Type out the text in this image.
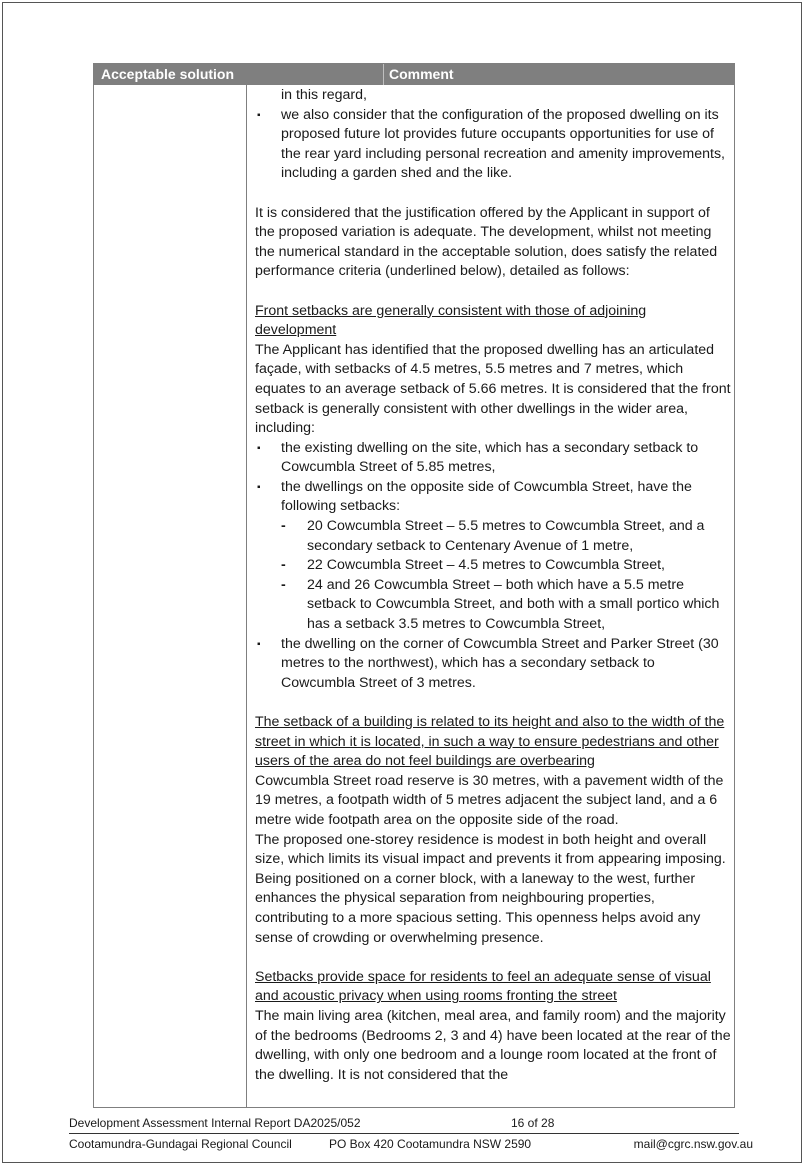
Acceptable solution	Comment

in this regard,

▪ we also consider that the configuration of the proposed dwelling on its proposed future lot provides future occupants opportunities for use of the rear yard including personal recreation and amenity improvements, including a garden shed and the like.

It is considered that the justification offered by the Applicant in support of the proposed variation is adequate. The development, whilst not meeting the numerical standard in the acceptable solution, does satisfy the related performance criteria (underlined below), detailed as follows:

Front setbacks are generally consistent with those of adjoining development

The Applicant has identified that the proposed dwelling has an articulated façade, with setbacks of 4.5 metres, 5.5 metres and 7 metres, which equates to an average setback of 5.66 metres. It is considered that the front setback is generally consistent with other dwellings in the wider area, including:

▪ the existing dwelling on the site, which has a secondary setback to Cowcumbla Street of 5.85 metres,

▪ the dwellings on the opposite side of Cowcumbla Street, have the following setbacks:

- 20 Cowcumbla Street – 5.5 metres to Cowcumbla Street, and a secondary setback to Centenary Avenue of 1 metre,

- 22 Cowcumbla Street – 4.5 metres to Cowcumbla Street,

- 24 and 26 Cowcumbla Street – both which have a 5.5 metre setback to Cowcumbla Street, and both with a small portico which has a setback 3.5 metres to Cowcumbla Street,

▪ the dwelling on the corner of Cowcumbla Street and Parker Street (30 metres to the northwest), which has a secondary setback to Cowcumbla Street of 3 metres.

The setback of a building is related to its height and also to the width of the street in which it is located, in such a way to ensure pedestrians and other users of the area do not feel buildings are overbearing

Cowcumbla Street road reserve is 30 metres, with a pavement width of the 19 metres, a footpath width of 5 metres adjacent the subject land, and a 6 metre wide footpath area on the opposite side of the road.

The proposed one-storey residence is modest in both height and overall size, which limits its visual impact and prevents it from appearing imposing. Being positioned on a corner block, with a laneway to the west, further enhances the physical separation from neighbouring properties, contributing to a more spacious setting. This openness helps avoid any sense of crowding or overwhelming presence.

Setbacks provide space for residents to feel an adequate sense of visual and acoustic privacy when using rooms fronting the street

The main living area (kitchen, meal area, and family room) and the majority of the bedrooms (Bedrooms 2, 3 and 4) have been located at the rear of the dwelling, with only one bedroom and a lounge room located at the front of the dwelling. It is not considered that the

Development Assessment Internal Report DA2025/052	16 of 28
Cootamundra-Gundagai Regional Council	PO Box 420 Cootamundra NSW 2590	mail@cgrc.nsw.gov.au
